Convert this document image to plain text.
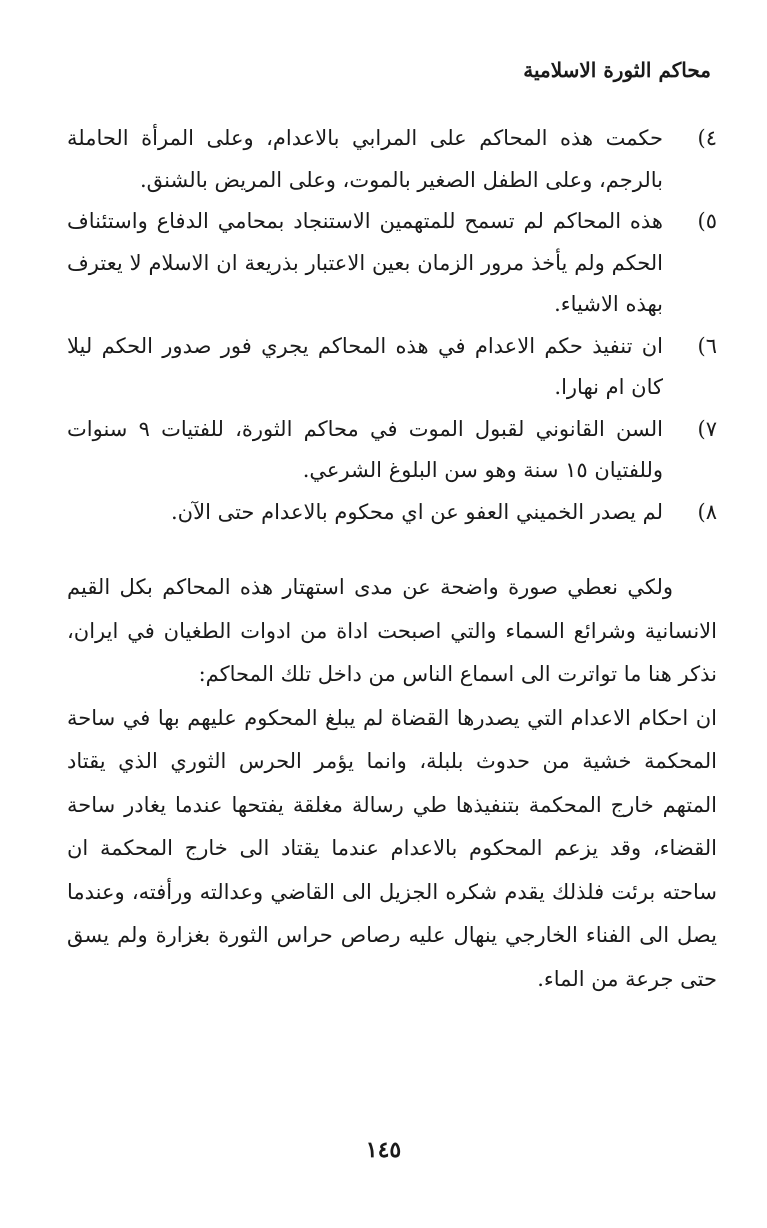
محاكم الثورة الاسلامية
٤)
حكمت هذه المحاكم على المرابي بالاعدام، وعلى المرأة الحاملة بالرجم، وعلى الطفل الصغير بالموت، وعلى المريض بالشنق.
٥)
هذه المحاكم لم تسمح للمتهمين الاستنجاد بمحامي الدفاع واستئناف الحكم ولم يأخذ مرور الزمان بعين الاعتبار بذريعة ان الاسلام لا يعترف بهذه الاشياء.
٦)
ان تنفيذ حكم الاعدام في هذه المحاكم يجري فور صدور الحكم ليلا كان ام نهارا.
٧)
السن القانوني لقبول الموت في محاكم الثورة، للفتيات ٩ سنوات وللفتيان ١٥ سنة وهو سن البلوغ الشرعي.
٨)
لم يصدر الخميني العفو عن اي محكوم بالاعدام حتى الآن.

ولكي نعطي صورة واضحة عن مدى استهتار هذه المحاكم بكل القيم الانسانية وشرائع السماء والتي اصبحت اداة من ادوات الطغيان في ايران، نذكر هنا ما تواترت الى اسماع الناس من داخل تلك المحاكم:

ان احكام الاعدام التي يصدرها القضاة لم يبلغ المحكوم عليهم بها في ساحة المحكمة خشية من حدوث بلبلة، وانما يؤمر الحرس الثوري الذي يقتاد المتهم خارج المحكمة بتنفيذها طي رسالة مغلقة يفتحها عندما يغادر ساحة القضاء، وقد يزعم المحكوم بالاعدام عندما يقتاد الى خارج المحكمة ان ساحته برئت فلذلك يقدم شكره الجزيل الى القاضي وعدالته ورأفته، وعندما يصل الى الفناء الخارجي ينهال عليه رصاص حراس الثورة بغزارة ولم يسق حتى جرعة من الماء.

١٤٥
